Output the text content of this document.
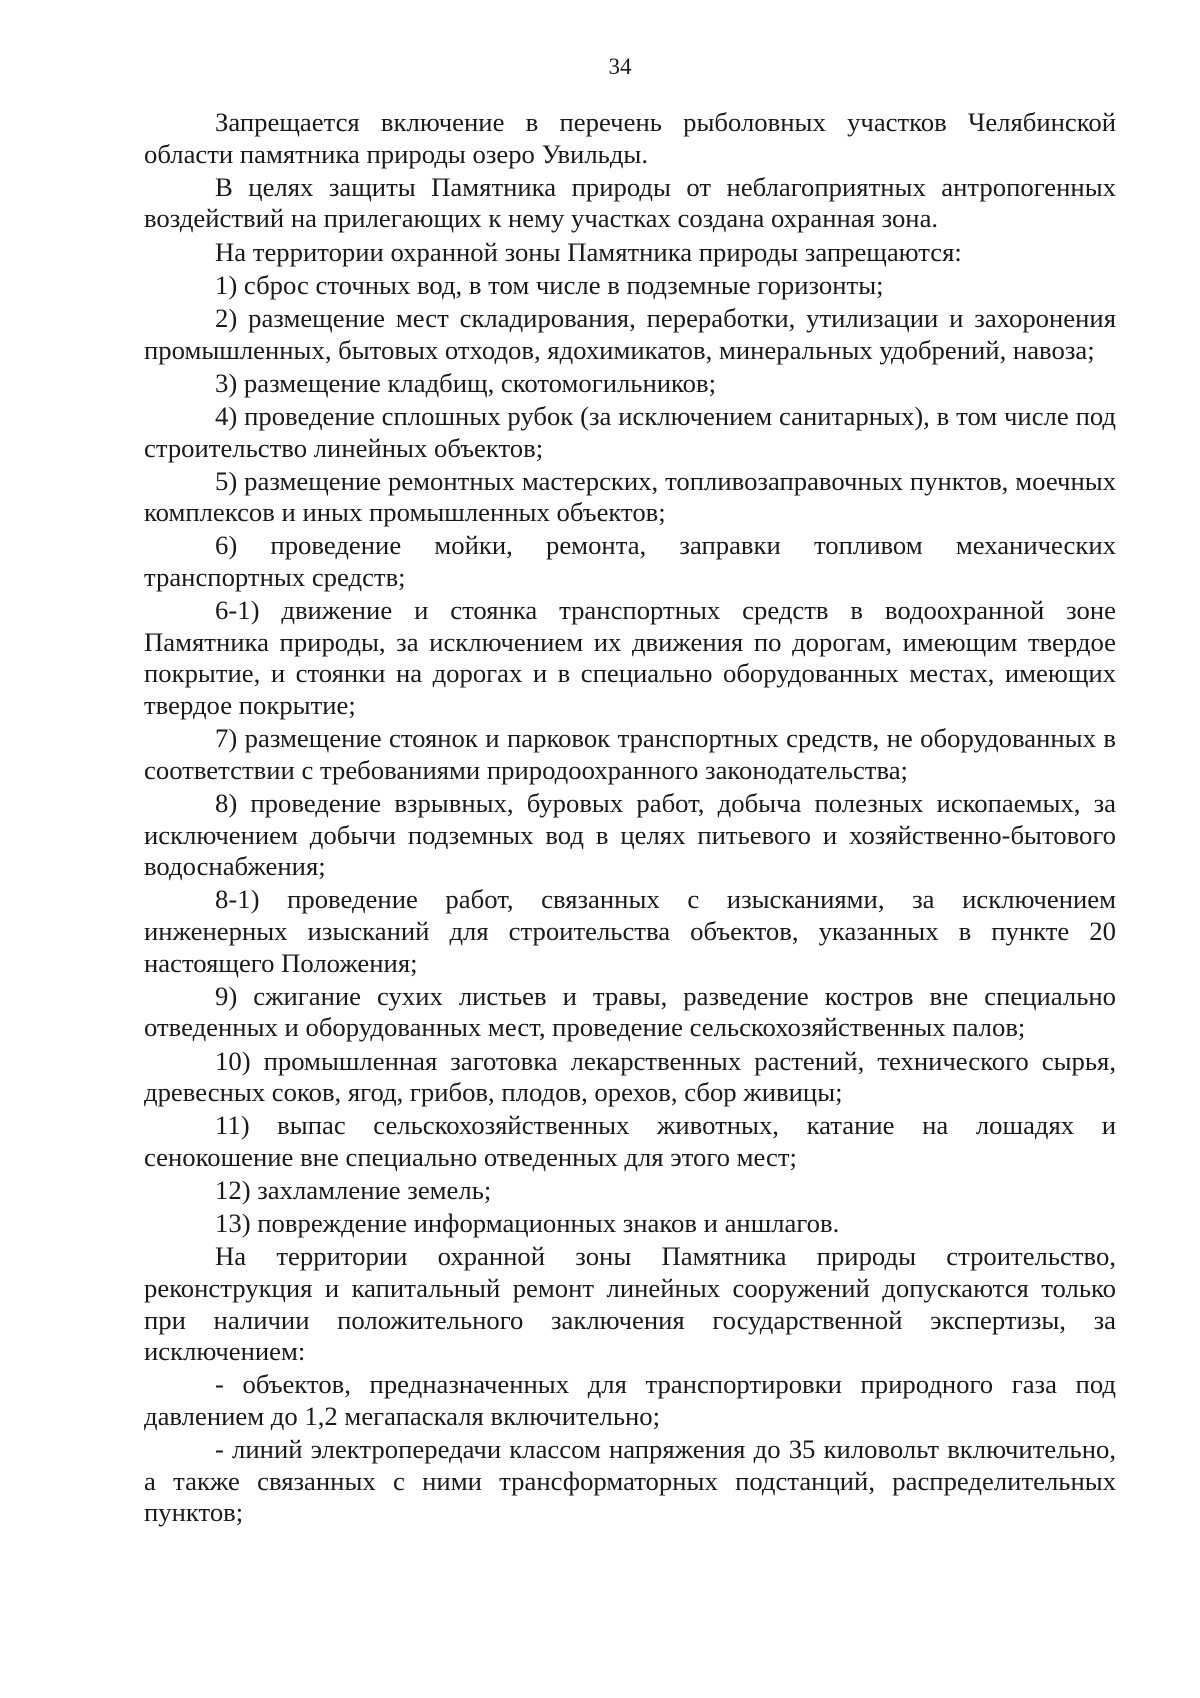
34

Запрещается включение в перечень рыболовных участков Челябинской области памятника природы озеро Увильды.

В целях защиты Памятника природы от неблагоприятных антропогенных воздействий на прилегающих к нему участках создана охранная зона.

На территории охранной зоны Памятника природы запрещаются:

1) сброс сточных вод, в том числе в подземные горизонты;

2) размещение мест складирования, переработки, утилизации и захоронения промышленных, бытовых отходов, ядохимикатов, минеральных удобрений, навоза;

3) размещение кладбищ, скотомогильников;

4) проведение сплошных рубок (за исключением санитарных), в том числе под строительство линейных объектов;

5) размещение ремонтных мастерских, топливозаправочных пунктов, моечных комплексов и иных промышленных объектов;

6) проведение мойки, ремонта, заправки топливом механических транспортных средств;

6-1) движение и стоянка транспортных средств в водоохранной зоне Памятника природы, за исключением их движения по дорогам, имеющим твердое покрытие, и стоянки на дорогах и в специально оборудованных местах, имеющих твердое покрытие;

7) размещение стоянок и парковок транспортных средств, не оборудованных в соответствии с требованиями природоохранного законодательства;

8) проведение взрывных, буровых работ, добыча полезных ископаемых, за исключением добычи подземных вод в целях питьевого и хозяйственно-бытового водоснабжения;

8-1) проведение работ, связанных с изысканиями, за исключением инженерных изысканий для строительства объектов, указанных в пункте 20 настоящего Положения;

9) сжигание сухих листьев и травы, разведение костров вне специально отведенных и оборудованных мест, проведение сельскохозяйственных палов;

10) промышленная заготовка лекарственных растений, технического сырья, древесных соков, ягод, грибов, плодов, орехов, сбор живицы;

11) выпас сельскохозяйственных животных, катание на лошадях и сенокошение вне специально отведенных для этого мест;

12) захламление земель;

13) повреждение информационных знаков и аншлагов.

На территории охранной зоны Памятника природы строительство, реконструкция и капитальный ремонт линейных сооружений допускаются только при наличии положительного заключения государственной экспертизы, за исключением:

- объектов, предназначенных для транспортировки природного газа под давлением до 1,2 мегапаскаля включительно;

- линий электропередачи классом напряжения до 35 киловольт включительно, а также связанных с ними трансформаторных подстанций, распределительных пунктов;
